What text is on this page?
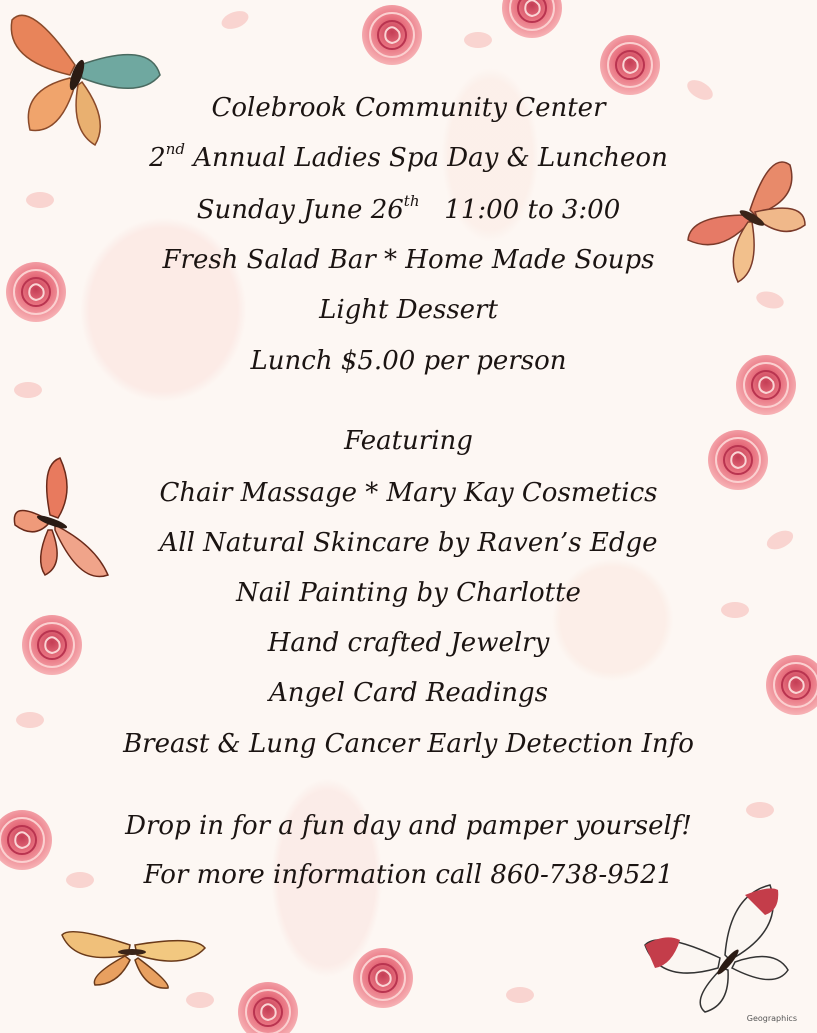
Colebrook Community Center
2nd Annual Ladies Spa Day & Luncheon
Sunday June 26th 11:00 to 3:00
Fresh Salad Bar * Home Made Soups
Light Dessert
Lunch $5.00 per person
Featuring
Chair Massage * Mary Kay Cosmetics
All Natural Skincare by Raven’s Edge
Nail Painting by Charlotte
Hand crafted Jewelry
Angel Card Readings
Breast & Lung Cancer Early Detection Info
Drop in for a fun day and pamper yourself!
For more information call 860-738-9521
Geographics
